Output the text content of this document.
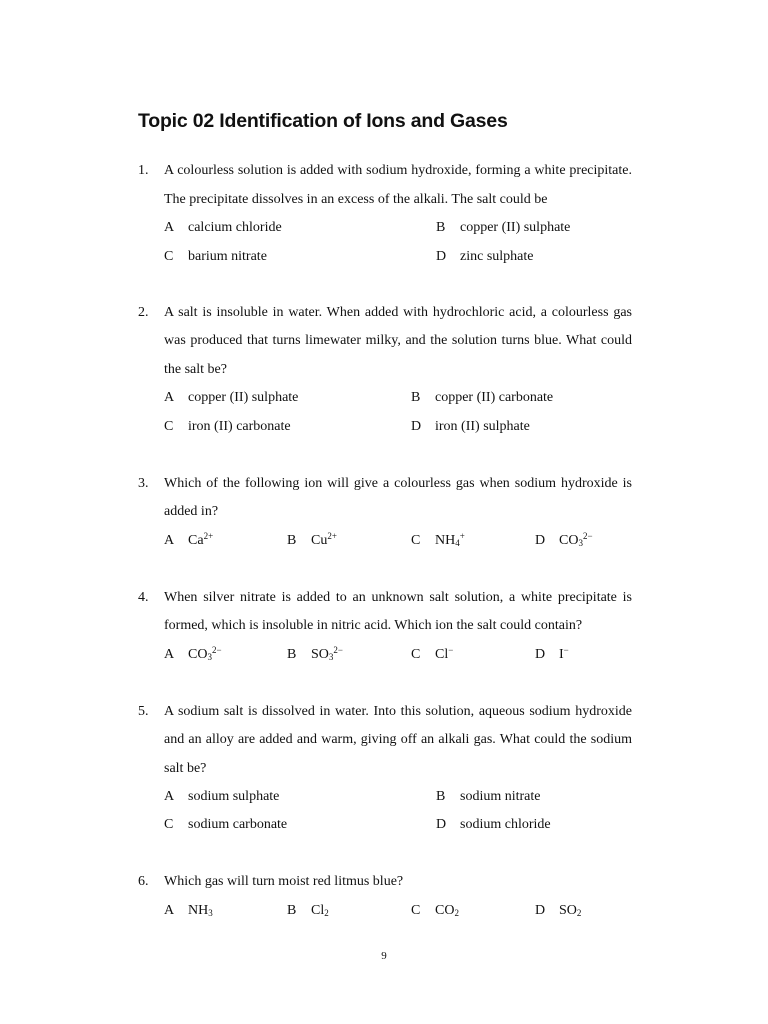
Topic 02 Identification of Ions and Gases
1. A colourless solution is added with sodium hydroxide, forming a white precipitate.
The precipitate dissolves in an excess of the alkali. The salt could be
A calcium chloride	B copper (II) sulphate
C barium nitrate	D zinc sulphate
2. A salt is insoluble in water. When added with hydrochloric acid, a colourless gas
was produced that turns limewater milky, and the solution turns blue. What could
the salt be?
A copper (II) sulphate	B copper (II) carbonate
C iron (II) carbonate	D iron (II) sulphate
3. Which of the following ion will give a colourless gas when sodium hydroxide is
added in?
A $Ca^{2+}$	B $Cu^{2+}$	C $NH_4^+$	D $CO_3^{2-}$
4. When silver nitrate is added to an unknown salt solution, a white precipitate is
formed, which is insoluble in nitric acid. Which ion the salt could contain?
A $CO_3^{2-}$	B $SO_3^{2-}$	C Cl−	D I−
5. A sodium salt is dissolved in water. Into this solution, aqueous sodium hydroxide
and an alloy are added and warm, giving off an alkali gas. What could the sodium
salt be?
A sodium sulphate	B sodium nitrate
C sodium carbonate	D sodium chloride
6. Which gas will turn moist red litmus blue?
A $NH_3$	B $Cl_2$	C $CO_2$	D $SO_2$
9
